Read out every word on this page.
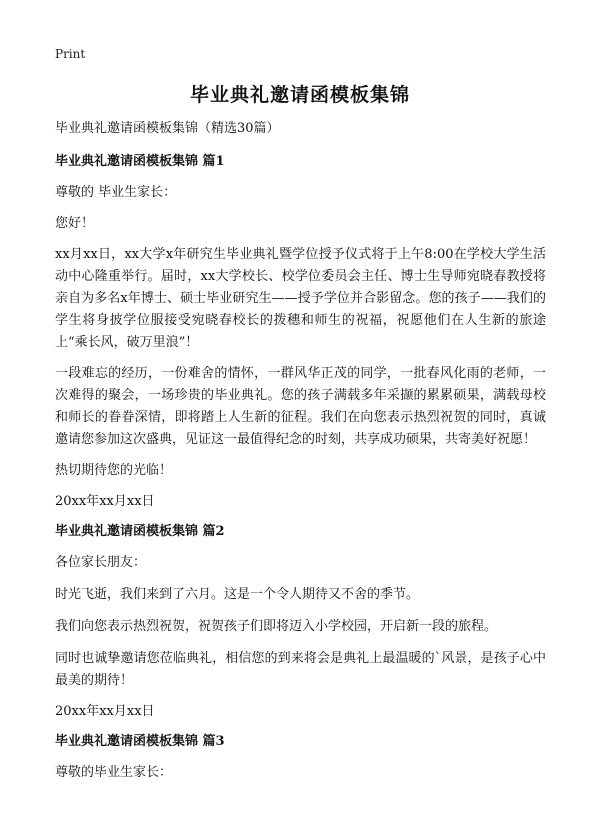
Print
毕业典礼邀请函模板集锦

毕业典礼邀请函模板集锦（精选30篇）

毕业典礼邀请函模板集锦 篇1

尊敬的 毕业生家长：

您好！

xx月xx日，xx大学x年研究生毕业典礼暨学位授予仪式将于上午8:00在学校大学生活动中心隆重举行。届时，xx大学校长、校学位委员会主任、博士生导师宛晓春教授将亲自为多名x年博士、硕士毕业研究生——授予学位并合影留念。您的孩子——我们的学生将身披学位服接受宛晓春校长的拨穗和师生的祝福，祝愿他们在人生新的旅途上“乘长风，破万里浪”！

一段难忘的经历，一份难舍的情怀，一群风华正茂的同学，一批春风化雨的老师，一次难得的聚会，一场珍贵的毕业典礼。您的孩子满载多年采撷的累累硕果，满载母校和师长的眷眷深情，即将踏上人生新的征程。我们在向您表示热烈祝贺的同时，真诚邀请您参加这次盛典，见证这一最值得纪念的时刻，共享成功硕果，共寄美好祝愿！

热切期待您的光临！

20xx年xx月xx日

毕业典礼邀请函模板集锦 篇2

各位家长朋友：

时光飞逝，我们来到了六月。这是一个令人期待又不舍的季节。

我们向您表示热烈祝贺，祝贺孩子们即将迈入小学校园，开启新一段的旅程。

同时也诚挚邀请您莅临典礼，相信您的到来将会是典礼上最温暖的`风景，是孩子心中最美的期待！

20xx年xx月xx日

毕业典礼邀请函模板集锦 篇3

尊敬的毕业生家长：
